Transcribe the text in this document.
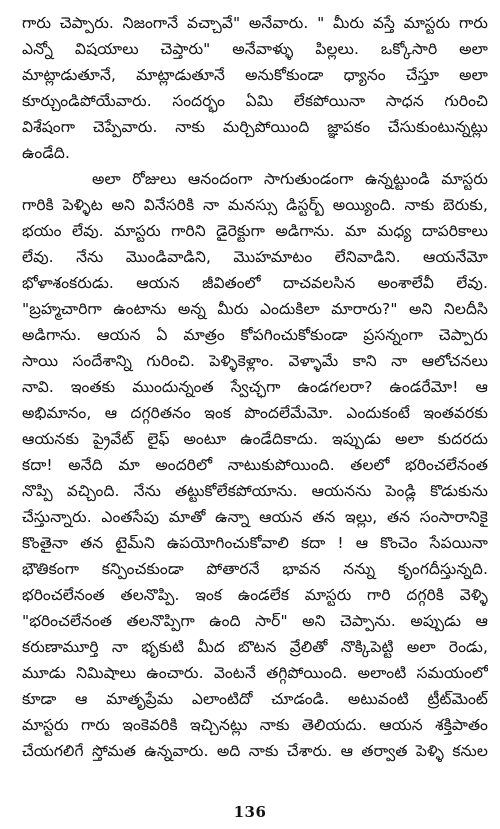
గారు చెప్పారు. నిజంగానే వచ్చావే" అనేవారు. " మీరు వస్తే మాస్టరు గారు
ఎన్నో విషయాలు చెప్తారు" అనేవాళ్ళు పిల్లలు. ఒక్కోసారి అలా
మాట్లాడుతూనే, మాట్లాడుతూనే అనుకోకుండా ధ్యానం చేస్తూ అలా
కూర్చుండిపోయేవారు. సందర్భం ఏమి లేకపోయినా సాధన గురించి
విశేషంగా చెప్పేవారు. నాకు మర్చిపోయింది జ్ఞాపకం చేసుకుంటున్నట్లు
ఉండేది.
అలా రోజులు ఆనందంగా సాగుతుండంగా ఉన్నట్టుండి మాస్టరు
గారికి పెళ్ళిట అని వినేసరికి నా మనస్సు డిస్టర్బ్ అయ్యింది. నాకు బెరుకు,
భయం లేవు. మాస్టరు గారిని డైరెక్టుగా అడిగాను. మా మధ్య దాపరికాలు
లేవు. నేను మొండివాడిని, మొహమాటం లేనివాడిని. ఆయనేమో
భోళాశంకరుడు. ఆయన జీవితంలో దాచవలసిన అంశాలేవీ లేవు.
"బ్రహ్మచారిగా ఉంటాను అన్న మీరు ఎందుకిలా మారారు?" అని నిలదీసి
అడిగాను. ఆయన ఏ మాత్రం కోపగించుకోకుండా ప్రసన్నంగా చెప్పారు
సాయి సందేశాన్ని గురించి. పెళ్ళికెళ్లాం. వెళ్ళామే కాని నా ఆలోచనలు
నావి. ఇంతకు ముందున్నంత స్వేచ్ఛగా ఉండగలరా? ఉండరేమో! ఆ
అభిమానం, ఆ దగ్గరితనం ఇంక పొందలేమేమో. ఎందుకంటే ఇంతవరకు
ఆయనకు ప్రైవేట్ లైఫ్ అంటూ ఉండేదికాదు. ఇప్పుడు అలా కుదరదు
కదా! అనేది మా అందరిలో నాటుకుపోయింది. తలలో భరించలేనంత
నొప్పి వచ్చింది. నేను తట్టుకోలేకపోయాను. ఆయనను పెండ్లి కొడుకును
చేస్తున్నారు. ఎంతసేపు మాతో ఉన్నా ఆయన తన ఇల్లు, తన సంసారానికై
కొంతైనా తన టైమ్‌ని ఉపయోగించుకోవాలి కదా ! ఆ కొంచెం సేపయినా
భౌతికంగా కన్పించకుండా పోతారనే భావన నన్ను కృంగదీస్తున్నది.
భరించలేనంత తలనొప్పి. ఇంక ఉండలేక మాస్టరు గారి దగ్గరికి వెళ్ళి
"భరించలేనంత తలనొప్పిగా ఉంది సార్" అని చెప్పాను. అప్పుడు ఆ
కరుణామూర్తి నా భృకుటి మీద బొటన వ్రేలితో నొక్కిపెట్టి అలా రెండు,
మూడు నిమిషాలు ఉంచారు. వెంటనే తగ్గిపోయింది. అలాంటి సమయంలో
కూడా ఆ మాతృప్రేమ ఎలాంటిదో చూడండి. అటువంటి ట్రీట్‌మెంట్
మాస్టరు గారు ఇంకెవరికి ఇచ్చినట్లు నాకు తెలియదు. ఆయన శక్తిపాతం
చేయగలిగే స్తోమత ఉన్నవారు. అది నాకు చేశారు. ఆ తర్వాత పెళ్ళి కనుల
136
